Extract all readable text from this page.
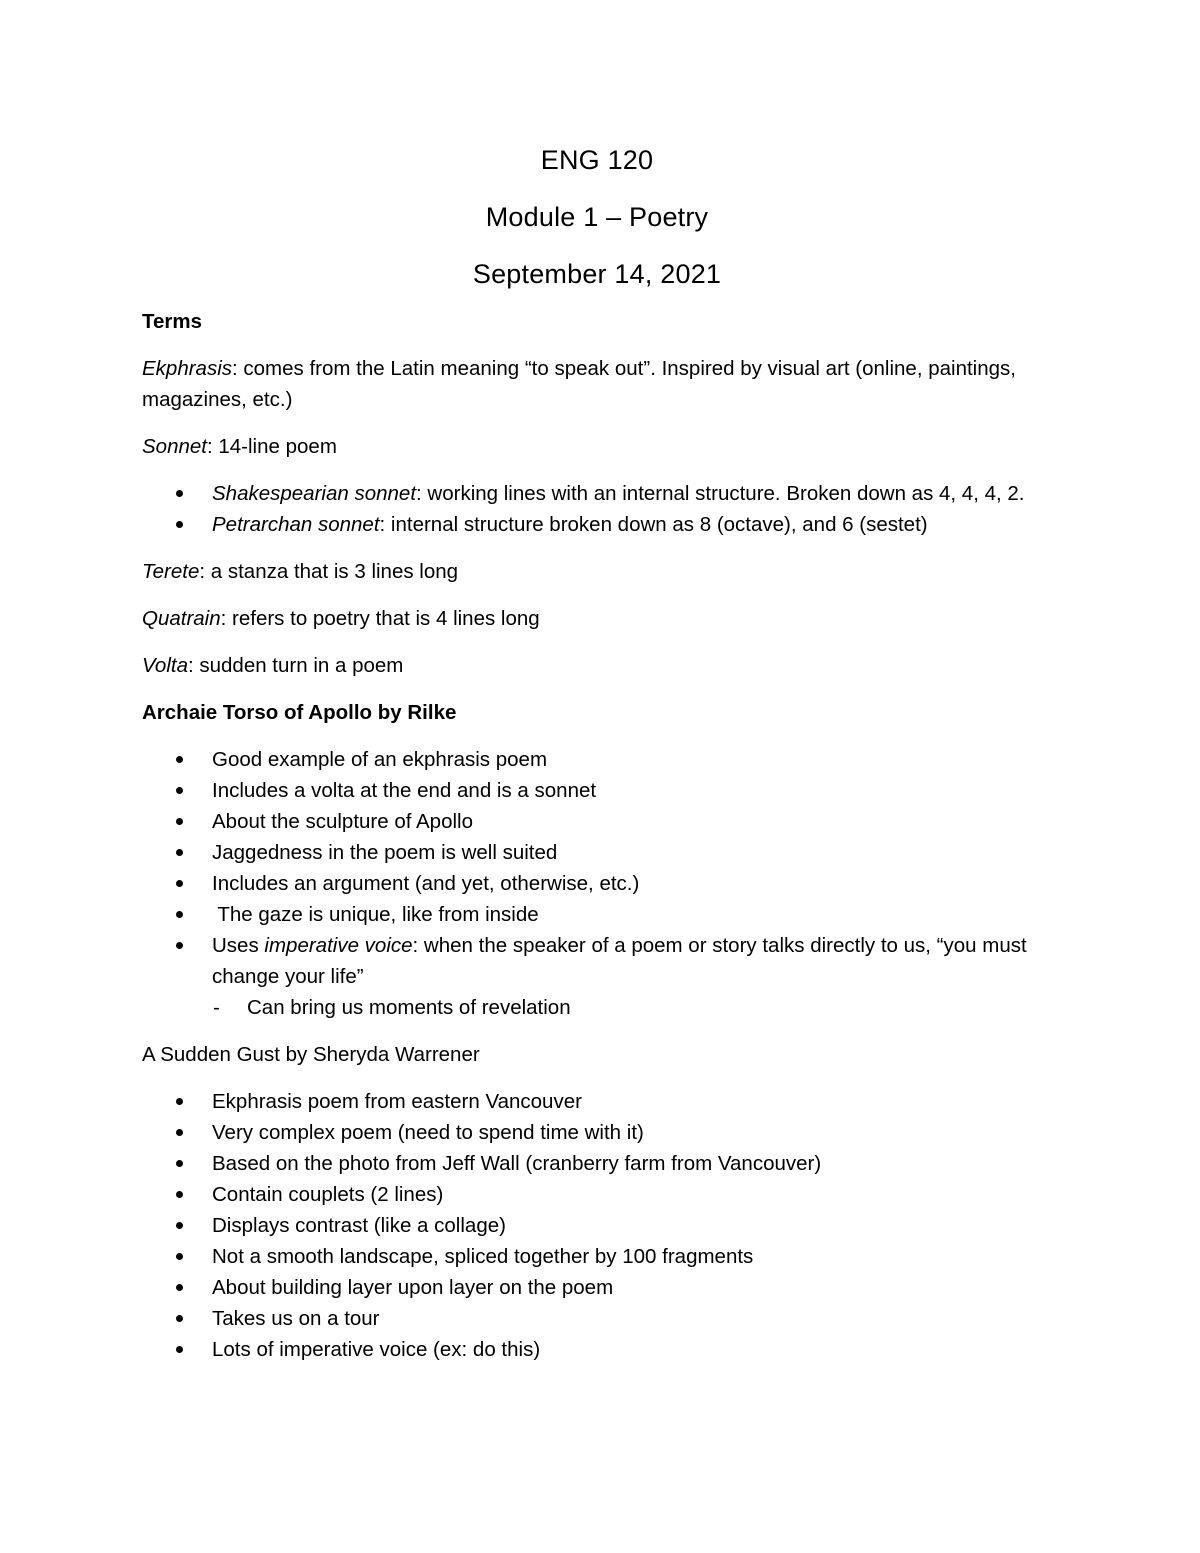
ENG 120
Module 1 – Poetry
September 14, 2021

Terms

Ekphrasis: comes from the Latin meaning “to speak out”. Inspired by visual art (online, paintings, magazines, etc.)

Sonnet: 14-line poem

Shakespearian sonnet: working lines with an internal structure. Broken down as 4, 4, 4, 2.
Petrarchan sonnet: internal structure broken down as 8 (octave), and 6 (sestet)

Terete: a stanza that is 3 lines long

Quatrain: refers to poetry that is 4 lines long

Volta: sudden turn in a poem

Archaie Torso of Apollo by Rilke

Good example of an ekphrasis poem
Includes a volta at the end and is a sonnet
About the sculpture of Apollo
Jaggedness in the poem is well suited
Includes an argument (and yet, otherwise, etc.)
The gaze is unique, like from inside
Uses imperative voice: when the speaker of a poem or story talks directly to us, “you must change your life”
- Can bring us moments of revelation

A Sudden Gust by Sheryda Warrener

Ekphrasis poem from eastern Vancouver
Very complex poem (need to spend time with it)
Based on the photo from Jeff Wall (cranberry farm from Vancouver)
Contain couplets (2 lines)
Displays contrast (like a collage)
Not a smooth landscape, spliced together by 100 fragments
About building layer upon layer on the poem
Takes us on a tour
Lots of imperative voice (ex: do this)
